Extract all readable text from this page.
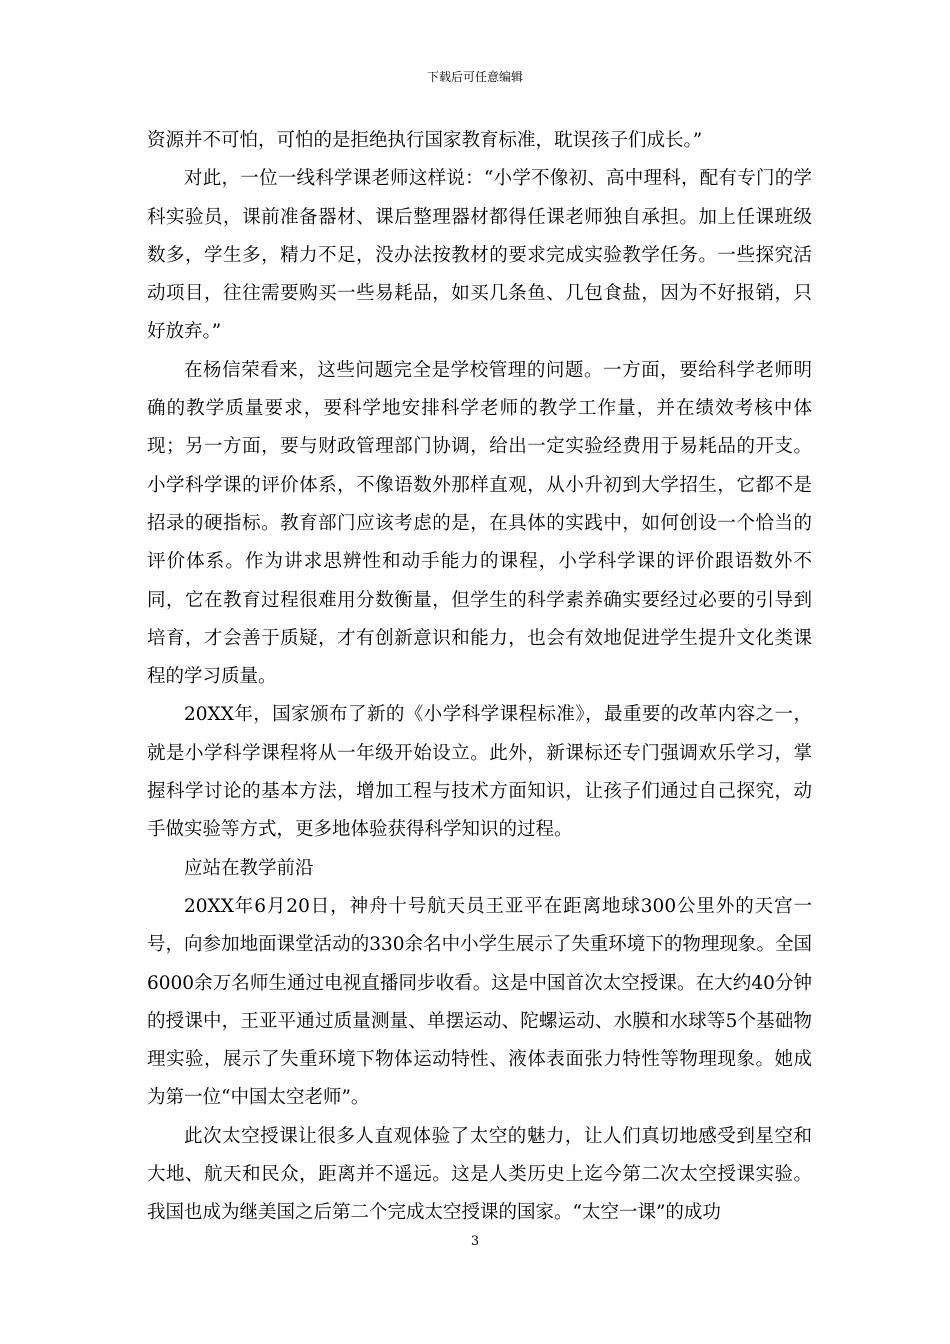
下载后可任意编辑

资源并不可怕，可怕的是拒绝执行国家教育标准，耽误孩子们成长。”

对此，一位一线科学课老师这样说：“小学不像初、高中理科，配有专门的学科实验员，课前准备器材、课后整理器材都得任课老师独自承担。加上任课班级数多，学生多，精力不足，没办法按教材的要求完成实验教学任务。一些探究活动项目，往往需要购买一些易耗品，如买几条鱼、几包食盐，因为不好报销，只好放弃。”

在杨信荣看来，这些问题完全是学校管理的问题。一方面，要给科学老师明确的教学质量要求，要科学地安排科学老师的教学工作量，并在绩效考核中体现；另一方面，要与财政管理部门协调，给出一定实验经费用于易耗品的开支。小学科学课的评价体系，不像语数外那样直观，从小升初到大学招生，它都不是招录的硬指标。教育部门应该考虑的是，在具体的实践中，如何创设一个恰当的评价体系。作为讲求思辨性和动手能力的课程，小学科学课的评价跟语数外不同，它在教育过程很难用分数衡量，但学生的科学素养确实要经过必要的引导到培育，才会善于质疑，才有创新意识和能力，也会有效地促进学生提升文化类课程的学习质量。

20XX年，国家颁布了新的《小学科学课程标准》，最重要的改革内容之一，就是小学科学课程将从一年级开始设立。此外，新课标还专门强调欢乐学习，掌握科学讨论的基本方法，增加工程与技术方面知识，让孩子们通过自己探究，动手做实验等方式，更多地体验获得科学知识的过程。

应站在教学前沿

20XX年6月20日，神舟十号航天员王亚平在距离地球300公里外的天宫一号，向参加地面课堂活动的330余名中小学生展示了失重环境下的物理现象。全国6000余万名师生通过电视直播同步收看。这是中国首次太空授课。在大约40分钟的授课中，王亚平通过质量测量、单摆运动、陀螺运动、水膜和水球等5个基础物理实验，展示了失重环境下物体运动特性、液体表面张力特性等物理现象。她成为第一位“中国太空老师”。

此次太空授课让很多人直观体验了太空的魅力，让人们真切地感受到星空和大地、航天和民众，距离并不遥远。这是人类历史上迄今第二次太空授课实验。我国也成为继美国之后第二个完成太空授课的国家。“太空一课”的成功

3
